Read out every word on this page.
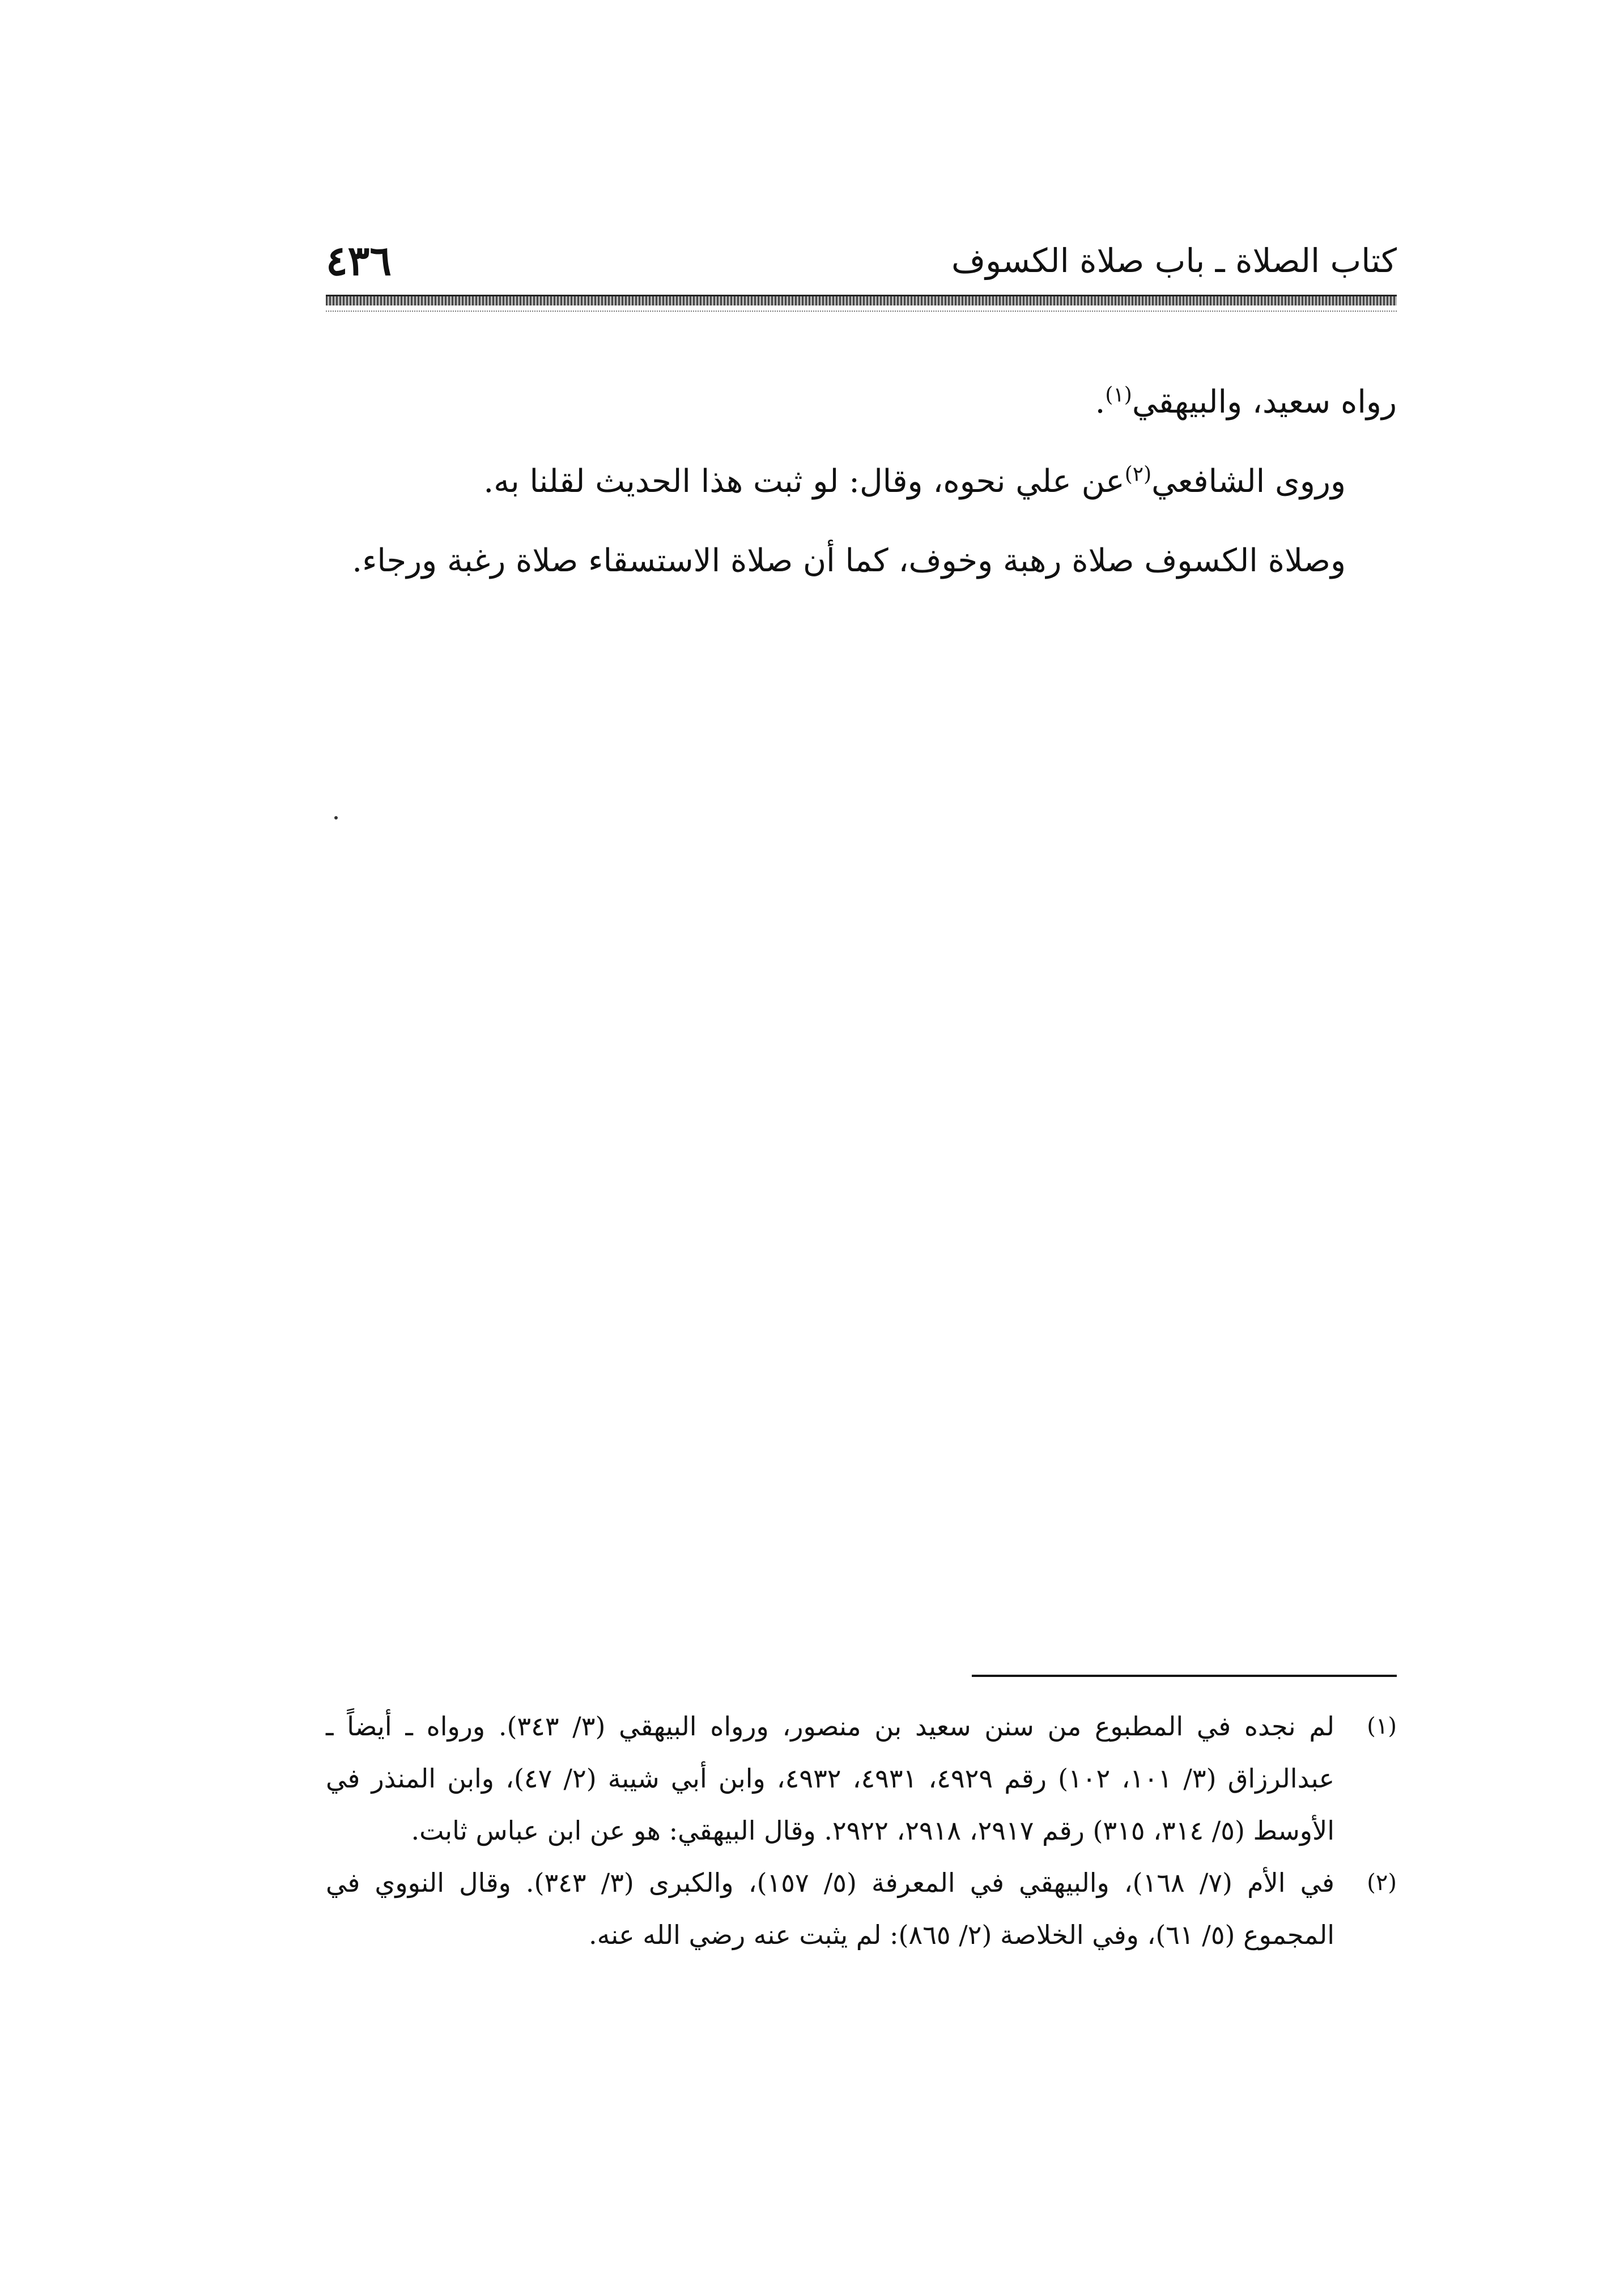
٤٣٦	كتاب الصلاة ـ باب صلاة الكسوف

رواه سعيد، والبيهقي$^{(١)}$.

وروى الشافعي$^{(٢)}$عن علي نحوه، وقال: لو ثبت هذا الحديث لقلنا به.

وصلاة الكسوف صلاة رهبة وخوف، كما أن صلاة الاستسقاء صلاة رغبة ورجاء.

(١)
لم نجده في المطبوع من سنن سعيد بن منصور، ورواه البيهقي (٣/ ٣٤٣). ورواه ـ أيضاً ـ عبدالرزاق (٣/ ١٠١، ١٠٢) رقم ٤٩٢٩، ٤٩٣١، ٤٩٣٢، وابن أبي شيبة (٢/ ٤٧)، وابن المنذر في الأوسط (٥/ ٣١٤، ٣١٥) رقم ٢٩١٧، ٢٩١٨، ٢٩٢٢. وقال البيهقي: هو عن ابن عباس ثابت.

(٢)
في الأم (٧/ ١٦٨)، والبيهقي في المعرفة (٥/ ١٥٧)، والكبرى (٣/ ٣٤٣). وقال النووي في المجموع (٥/ ٦١)، وفي الخلاصة (٢/ ٨٦٥): لم يثبت عنه رضي الله عنه.
